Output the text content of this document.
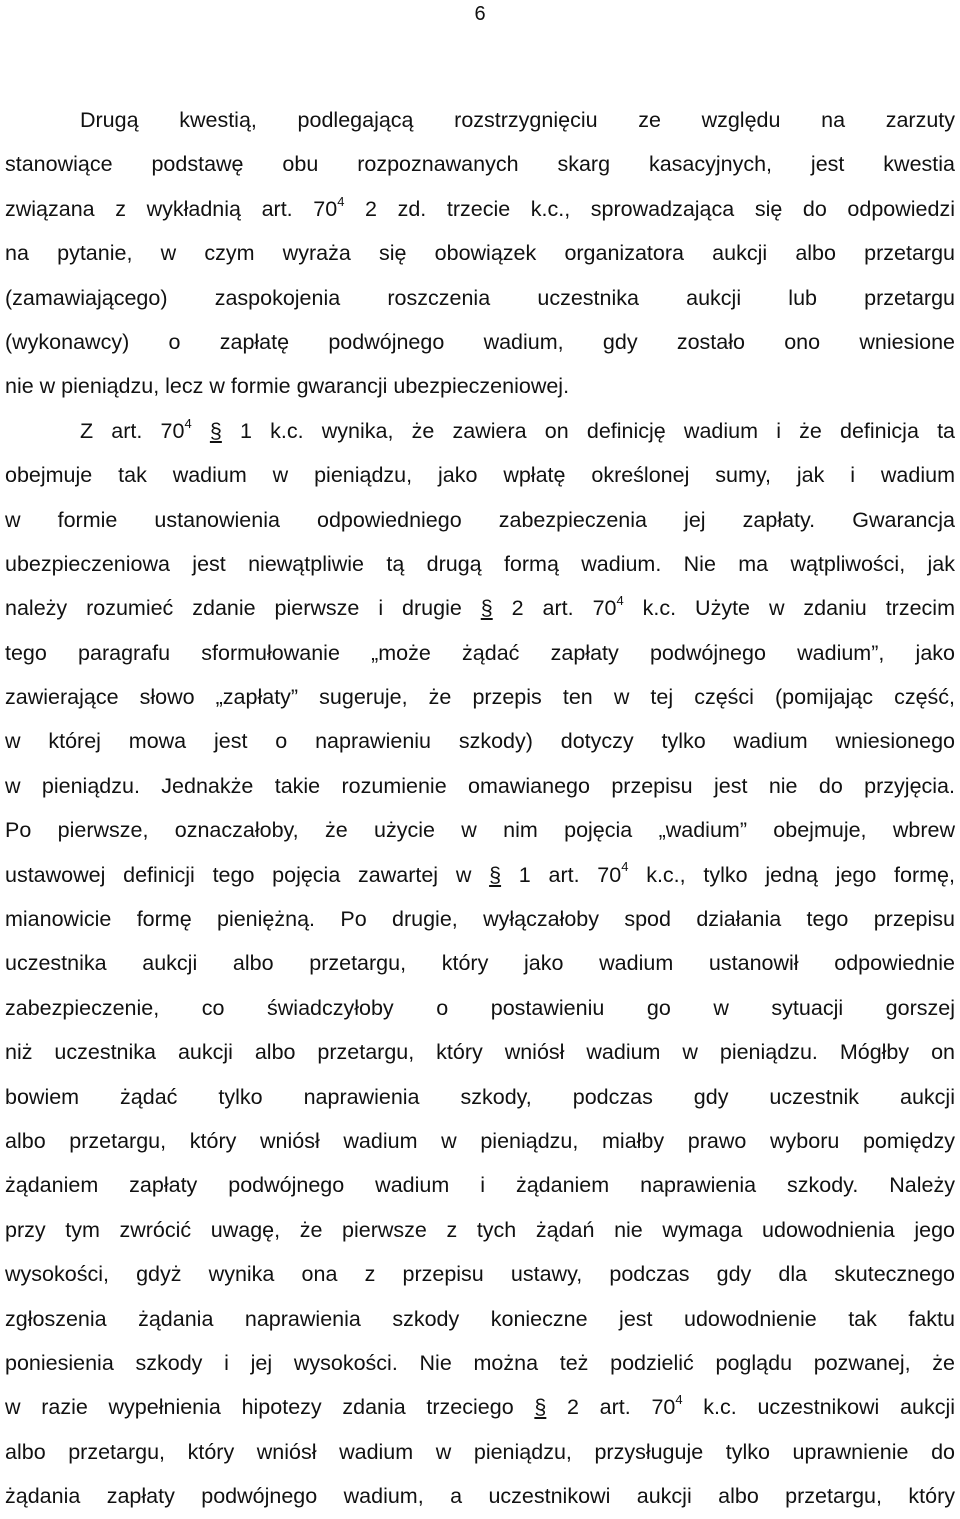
6
Drugą kwestią, podlegającą rozstrzygnięciu ze względu na zarzuty
stanowiące podstawę obu rozpoznawanych skarg kasacyjnych, jest kwestia
związana z wykładnią art. $70^4$ 2 zd. trzecie k.c., sprowadzająca się do odpowiedzi
na pytanie, w czym wyraża się obowiązek organizatora aukcji albo przetargu
(zamawiającego) zaspokojenia roszczenia uczestnika aukcji lub przetargu
(wykonawcy) o zapłatę podwójnego wadium, gdy zostało ono wniesione
nie w pieniądzu, lecz w formie gwarancji ubezpieczeniowej.
Z art. $70^4$ § 1 k.c. wynika, że zawiera on definicję wadium i że definicja ta
obejmuje tak wadium w pieniądzu, jako wpłatę określonej sumy, jak i wadium
w formie ustanowienia odpowiedniego zabezpieczenia jej zapłaty. Gwarancja
ubezpieczeniowa jest niewątpliwie tą drugą formą wadium. Nie ma wątpliwości, jak
należy rozumieć zdanie pierwsze i drugie § 2 art. $70^4$ k.c. Użyte w zdaniu trzecim
tego paragrafu sformułowanie „może żądać zapłaty podwójnego wadium”, jako
zawierające słowo „zapłaty” sugeruje, że przepis ten w tej części (pomijając część,
w której mowa jest o naprawieniu szkody) dotyczy tylko wadium wniesionego
w pieniądzu. Jednakże takie rozumienie omawianego przepisu jest nie do przyjęcia.
Po pierwsze, oznaczałoby, że użycie w nim pojęcia „wadium” obejmuje, wbrew
ustawowej definicji tego pojęcia zawartej w § 1 art. $70^4$ k.c., tylko jedną jego formę,
mianowicie formę pieniężną. Po drugie, wyłączałoby spod działania tego przepisu
uczestnika aukcji albo przetargu, który jako wadium ustanowił odpowiednie
zabezpieczenie, co świadczyłoby o postawieniu go w sytuacji gorszej
niż uczestnika aukcji albo przetargu, który wniósł wadium w pieniądzu. Mógłby on
bowiem żądać tylko naprawienia szkody, podczas gdy uczestnik aukcji
albo przetargu, który wniósł wadium w pieniądzu, miałby prawo wyboru pomiędzy
żądaniem zapłaty podwójnego wadium i żądaniem naprawienia szkody. Należy
przy tym zwrócić uwagę, że pierwsze z tych żądań nie wymaga udowodnienia jego
wysokości, gdyż wynika ona z przepisu ustawy, podczas gdy dla skutecznego
zgłoszenia żądania naprawienia szkody konieczne jest udowodnienie tak faktu
poniesienia szkody i jej wysokości. Nie można też podzielić poglądu pozwanej, że
w razie wypełnienia hipotezy zdania trzeciego § 2 art. $70^4$ k.c. uczestnikowi aukcji
albo przetargu, który wniósł wadium w pieniądzu, przysługuje tylko uprawnienie do
żądania zapłaty podwójnego wadium, a uczestnikowi aukcji albo przetargu, który
